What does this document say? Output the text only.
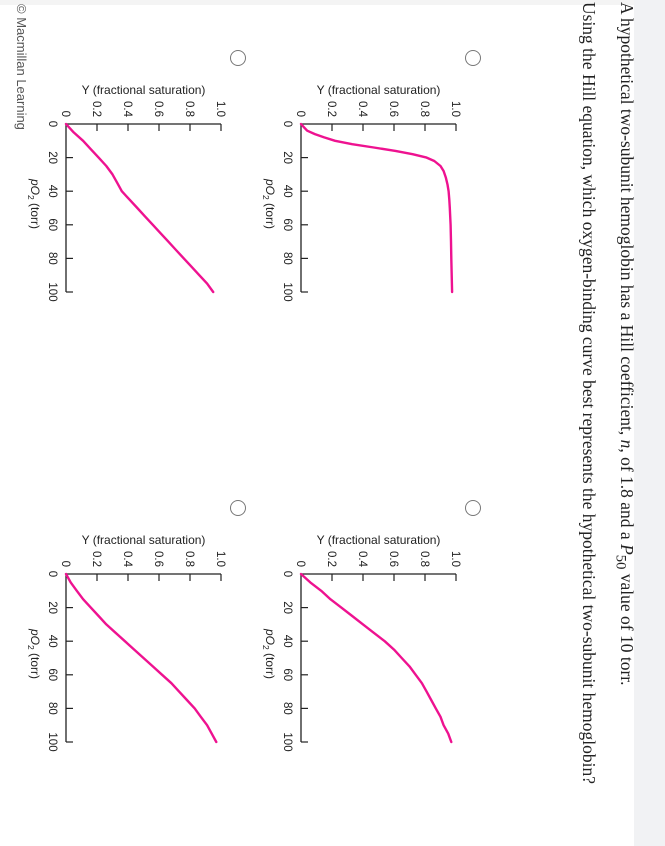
© Macmillan Learning	A hypothetical two-subunit hemoglobin has a Hill coefficient, n, of 1.8 and a $P_{50}$ value of 10 torr.
Using the Hill equation, which oxygen-binding curve best represents the hypothetical two-subunit hemoglobin?
0 0.2 0.4 0.6 0.8 1.0
0
20
40
60
80
100
Y (fractional saturation)
$pO_2$ (torr)
0 0.2 0.4 0.6 0.8 1.0
0
20
40
60
80
100
Y (fractional saturation)
$pO_2$ (torr)
0 0.2 0.4 0.6 0.8 1.0
0
20
40
60
80
100
Y (fractional saturation)
$pO_2$ (torr)
0 0.2 0.4 0.6 0.8 1.0
0
20
40
60
80
100
Y (fractional saturation)
$pO_2$ (torr)
